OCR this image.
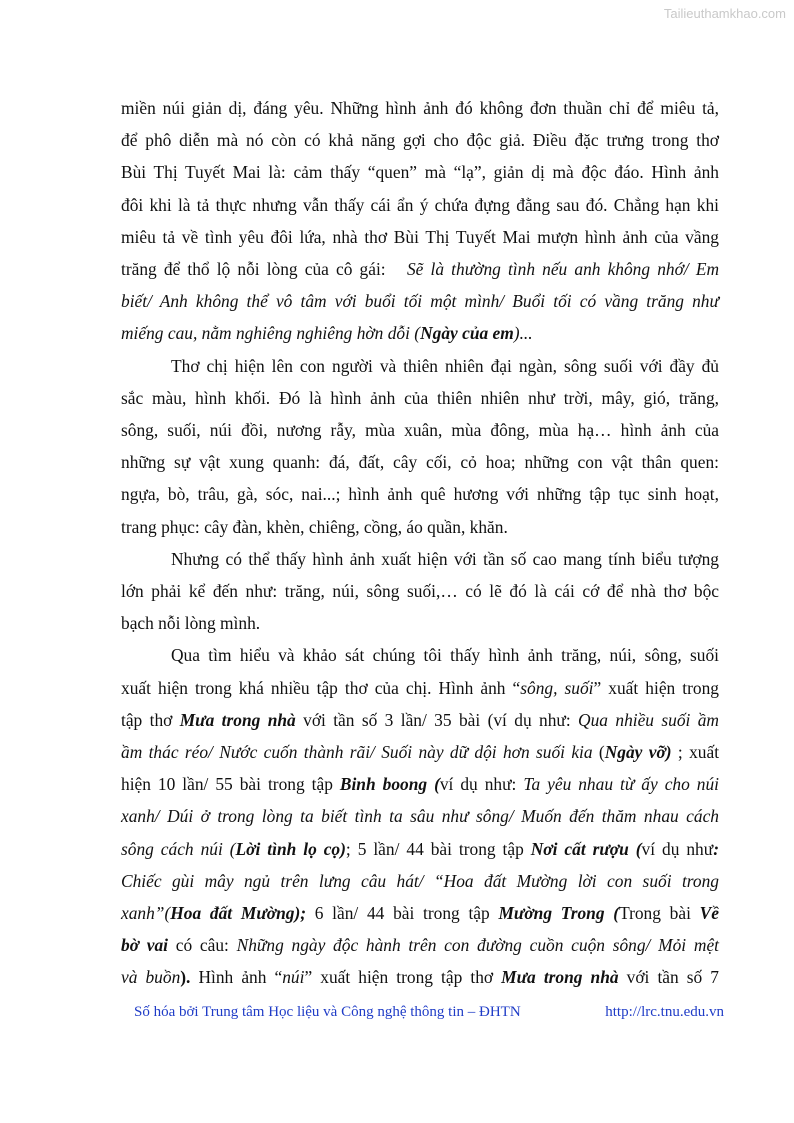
Tailieuthamkhao.com

miền núi giản dị, đáng yêu. Những hình ảnh đó không đơn thuần chỉ để miêu tả,
để phô diễn mà nó còn có khả năng gợi cho độc giả. Điều đặc trưng trong thơ
Bùi Thị Tuyết Mai là: cảm thấy “quen” mà “lạ”, giản dị mà độc đáo. Hình ảnh
đôi khi là tả thực nhưng vẫn thấy cái ẩn ý chứa đựng đằng sau đó. Chẳng hạn khi
miêu tả về tình yêu đôi lứa, nhà thơ Bùi Thị Tuyết Mai mượn hình ảnh của vầng
trăng để thổ lộ nỗi lòng của cô gái: Sẽ là thường tình nếu anh không nhớ/ Em
biết/ Anh không thể vô tâm với buổi tối một mình/ Buổi tối có vầng trăng như
miếng cau, nằm nghiêng nghiêng hờn dỗi (Ngày của em)...

Thơ chị hiện lên con người và thiên nhiên đại ngàn, sông suối với đầy đủ
sắc màu, hình khối. Đó là hình ảnh của thiên nhiên như trời, mây, gió, trăng,
sông, suối, núi đồi, nương rẫy, mùa xuân, mùa đông, mùa hạ… hình ảnh của
những sự vật xung quanh: đá, đất, cây cối, cỏ hoa; những con vật thân quen:
ngựa, bò, trâu, gà, sóc, nai...; hình ảnh quê hương với những tập tục sinh hoạt,
trang phục: cây đàn, khèn, chiêng, cồng, áo quần, khăn.

Nhưng có thể thấy hình ảnh xuất hiện với tần số cao mang tính biểu tượng
lớn phải kể đến như: trăng, núi, sông suối,… có lẽ đó là cái cớ để nhà thơ bộc
bạch nỗi lòng mình.

Qua tìm hiểu và khảo sát chúng tôi thấy hình ảnh trăng, núi, sông, suối
xuất hiện trong khá nhiều tập thơ của chị. Hình ảnh “sông, suối” xuất hiện trong
tập thơ Mưa trong nhà với tần số 3 lần/ 35 bài (ví dụ như: Qua nhiều suối ầm
ầm thác réo/ Nước cuốn thành rãi/ Suối này dữ dội hơn suối kia (Ngày vỡ) ; xuất
hiện 10 lần/ 55 bài trong tập Binh boong (ví dụ như: Ta yêu nhau từ ấy cho núi
xanh/ Dúi ở trong lòng ta biết tình ta sâu như sông/ Muốn đến thăm nhau cách
sông cách núi (Lời tình lọ cọ); 5 lần/ 44 bài trong tập Nơi cất rượu (ví dụ như:
Chiếc gùi mây ngủ trên lưng câu hát/ “Hoa đất Mường lời con suối trong
xanh”(Hoa đất Mường); 6 lần/ 44 bài trong tập Mường Trong (Trong bài Về
bờ vai có câu: Những ngày độc hành trên con đường cuồn cuộn sông/ Mỏi mệt
và buồn). Hình ảnh “núi” xuất hiện trong tập thơ Mưa trong nhà với tần số 7

Số hóa bởi Trung tâm Học liệu và Công nghệ thông tin – ĐHTN	http://lrc.tnu.edu.vn
